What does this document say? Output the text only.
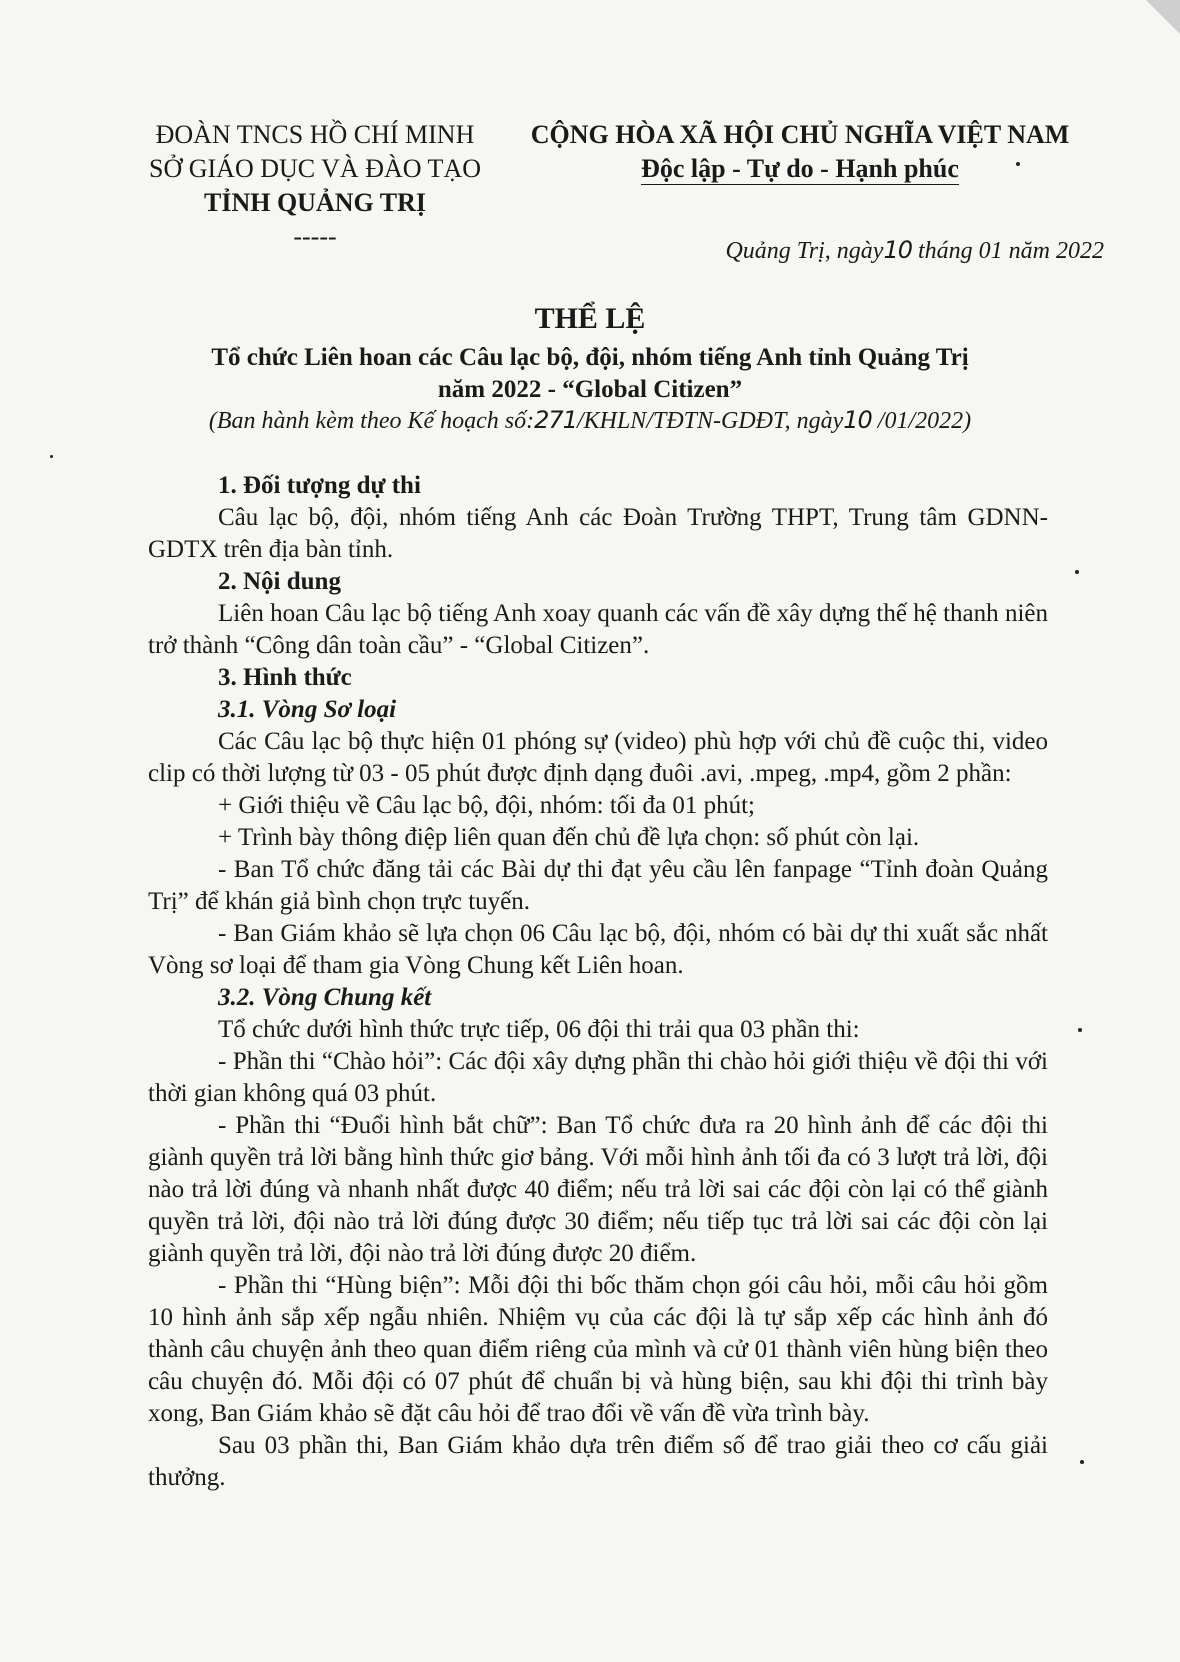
ĐOÀN TNCS HỒ CHÍ MINH
SỞ GIÁO DỤC VÀ ĐÀO TẠO
TỈNH QUẢNG TRỊ
-----
CỘNG HÒA XÃ HỘI CHỦ NGHĨA VIỆT NAM
Độc lập - Tự do - Hạnh phúc
Quảng Trị, ngày10 tháng 01 năm 2022
THỂ LỆ
Tổ chức Liên hoan các Câu lạc bộ, đội, nhóm tiếng Anh tỉnh Quảng Trị
năm 2022 - “Global Citizen”
(Ban hành kèm theo Kế hoạch số:271/KHLN/TĐTN-GDĐT, ngày10 /01/2022)

1. Đối tượng dự thi

Câu lạc bộ, đội, nhóm tiếng Anh các Đoàn Trường THPT, Trung tâm GDNN-GDTX trên địa bàn tỉnh.

2. Nội dung

Liên hoan Câu lạc bộ tiếng Anh xoay quanh các vấn đề xây dựng thế hệ thanh niên trở thành “Công dân toàn cầu” - “Global Citizen”.

3. Hình thức

3.1. Vòng Sơ loại

Các Câu lạc bộ thực hiện 01 phóng sự (video) phù hợp với chủ đề cuộc thi, video clip có thời lượng từ 03 - 05 phút được định dạng đuôi .avi, .mpeg, .mp4, gồm 2 phần:

+ Giới thiệu về Câu lạc bộ, đội, nhóm: tối đa 01 phút;

+ Trình bày thông điệp liên quan đến chủ đề lựa chọn: số phút còn lại.

- Ban Tổ chức đăng tải các Bài dự thi đạt yêu cầu lên fanpage “Tỉnh đoàn Quảng Trị” để khán giả bình chọn trực tuyến.

- Ban Giám khảo sẽ lựa chọn 06 Câu lạc bộ, đội, nhóm có bài dự thi xuất sắc nhất Vòng sơ loại để tham gia Vòng Chung kết Liên hoan.

3.2. Vòng Chung kết

Tổ chức dưới hình thức trực tiếp, 06 đội thi trải qua 03 phần thi:

- Phần thi “Chào hỏi”: Các đội xây dựng phần thi chào hỏi giới thiệu về đội thi với thời gian không quá 03 phút.

- Phần thi “Đuổi hình bắt chữ”: Ban Tổ chức đưa ra 20 hình ảnh để các đội thi giành quyền trả lời bằng hình thức giơ bảng. Với mỗi hình ảnh tối đa có 3 lượt trả lời, đội nào trả lời đúng và nhanh nhất được 40 điểm; nếu trả lời sai các đội còn lại có thể giành quyền trả lời, đội nào trả lời đúng được 30 điểm; nếu tiếp tục trả lời sai các đội còn lại giành quyền trả lời, đội nào trả lời đúng được 20 điểm.

- Phần thi “Hùng biện”: Mỗi đội thi bốc thăm chọn gói câu hỏi, mỗi câu hỏi gồm 10 hình ảnh sắp xếp ngẫu nhiên. Nhiệm vụ của các đội là tự sắp xếp các hình ảnh đó thành câu chuyện ảnh theo quan điểm riêng của mình và cử 01 thành viên hùng biện theo câu chuyện đó. Mỗi đội có 07 phút để chuẩn bị và hùng biện, sau khi đội thi trình bày xong, Ban Giám khảo sẽ đặt câu hỏi để trao đổi về vấn đề vừa trình bày.

Sau 03 phần thi, Ban Giám khảo dựa trên điểm số để trao giải theo cơ cấu giải thưởng.
